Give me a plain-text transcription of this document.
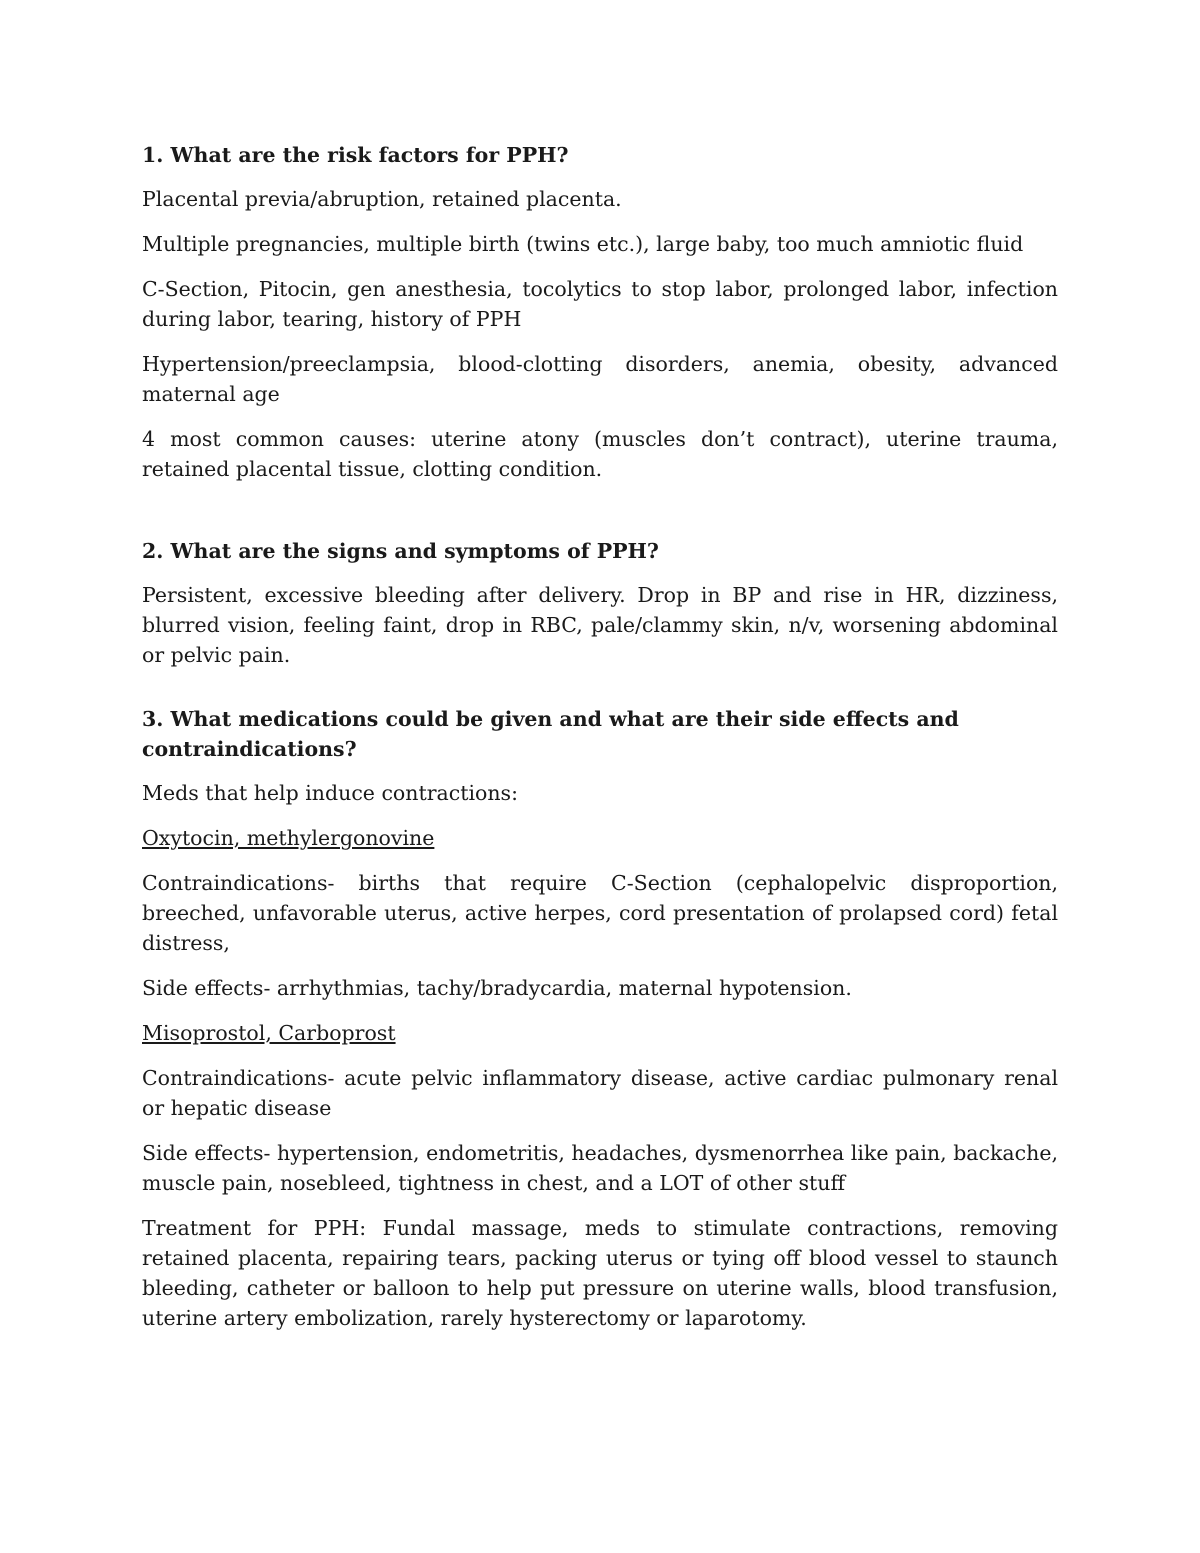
1. What are the risk factors for PPH?
Placental previa/abruption, retained placenta.
Multiple pregnancies, multiple birth (twins etc.), large baby, too much amniotic fluid
C-Section, Pitocin, gen anesthesia, tocolytics to stop labor, prolonged labor, infection during labor, tearing, history of PPH
Hypertension/preeclampsia, blood-clotting disorders, anemia, obesity, advanced maternal age
4 most common causes: uterine atony (muscles don’t contract), uterine trauma, retained placental tissue, clotting condition.
2. What are the signs and symptoms of PPH?
Persistent, excessive bleeding after delivery. Drop in BP and rise in HR, dizziness, blurred vision, feeling faint, drop in RBC, pale/clammy skin, n/v, worsening abdominal or pelvic pain.
3. What medications could be given and what are their side effects and contraindications?
Meds that help induce contractions:
Oxytocin, methylergonovine
Contraindications- births that require C-Section (cephalopelvic disproportion, breeched, unfavorable uterus, active herpes, cord presentation of prolapsed cord) fetal distress,
Side effects- arrhythmias, tachy/bradycardia, maternal hypotension.
Misoprostol, Carboprost
Contraindications- acute pelvic inflammatory disease, active cardiac pulmonary renal or hepatic disease
Side effects- hypertension, endometritis, headaches, dysmenorrhea like pain, backache, muscle pain, nosebleed, tightness in chest, and a LOT of other stuff
Treatment for PPH: Fundal massage, meds to stimulate contractions, removing retained placenta, repairing tears, packing uterus or tying off blood vessel to staunch bleeding, catheter or balloon to help put pressure on uterine walls, blood transfusion, uterine artery embolization, rarely hysterectomy or laparotomy.
